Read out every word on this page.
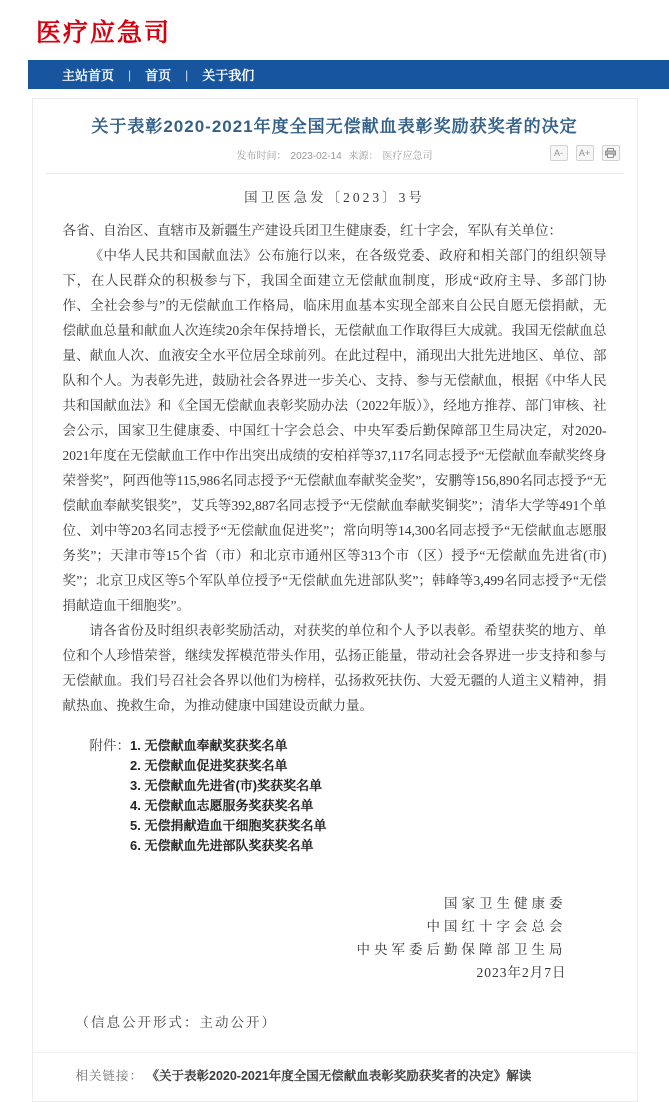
医疗应急司
主站首页	|	首页	|	关于我们
关于表彰2020-2021年度全国无偿献血表彰奖励获奖者的决定
发布时间： 2023-02-14 来源： 医疗应急司	A-	A+
国卫医急发〔2023〕3号

各省、自治区、直辖市及新疆生产建设兵团卫生健康委，红十字会，军队有关单位：

《中华人民共和国献血法》公布施行以来，在各级党委、政府和相关部门的组织领导下，在人民群众的积极参与下，我国全面建立无偿献血制度，形成“政府主导、多部门协作、全社会参与”的无偿献血工作格局，临床用血基本实现全部来自公民自愿无偿捐献，无偿献血总量和献血人次连续20余年保持增长，无偿献血工作取得巨大成就。我国无偿献血总量、献血人次、血液安全水平位居全球前列。在此过程中，涌现出大批先进地区、单位、部队和个人。为表彰先进，鼓励社会各界进一步关心、支持、参与无偿献血，根据《中华人民共和国献血法》和《全国无偿献血表彰奖励办法（2022年版）》，经地方推荐、部门审核、社会公示，国家卫生健康委、中国红十字会总会、中央军委后勤保障部卫生局决定，对2020-2021年度在无偿献血工作中作出突出成绩的安柏祥等37,117名同志授予“无偿献血奉献奖终身荣誉奖”，阿西他等115,986名同志授予“无偿献血奉献奖金奖”，安鹏等156,890名同志授予“无偿献血奉献奖银奖”，艾兵等392,887名同志授予“无偿献血奉献奖铜奖”；清华大学等491个单位、刘中等203名同志授予“无偿献血促进奖”；常向明等14,300名同志授予“无偿献血志愿服务奖”；天津市等15个省（市）和北京市通州区等313个市（区）授予“无偿献血先进省(市)奖”；北京卫戍区等5个军队单位授予“无偿献血先进部队奖”；韩峰等3,499名同志授予“无偿捐献造血干细胞奖”。

请各省份及时组织表彰奖励活动，对获奖的单位和个人予以表彰。希望获奖的地方、单位和个人珍惜荣誉，继续发挥模范带头作用，弘扬正能量，带动社会各界进一步支持和参与无偿献血。我们号召社会各界以他们为榜样，弘扬救死扶伤、大爱无疆的人道主义精神，捐献热血、挽救生命，为推动健康中国建设贡献力量。

附件： 1. 无偿献血奉献奖获奖名单
2. 无偿献血促进奖获奖名单
3. 无偿献血先进省(市)奖获奖名单
4. 无偿献血志愿服务奖获奖名单
5. 无偿捐献造血干细胞奖获奖名单
6. 无偿献血先进部队奖获奖名单
国家卫生健康委
中国红十字会总会
中央军委后勤保障部卫生局
2023年2月7日
（信息公开形式：主动公开）
相关链接： 《关于表彰2020-2021年度全国无偿献血表彰奖励获奖者的决定》解读
